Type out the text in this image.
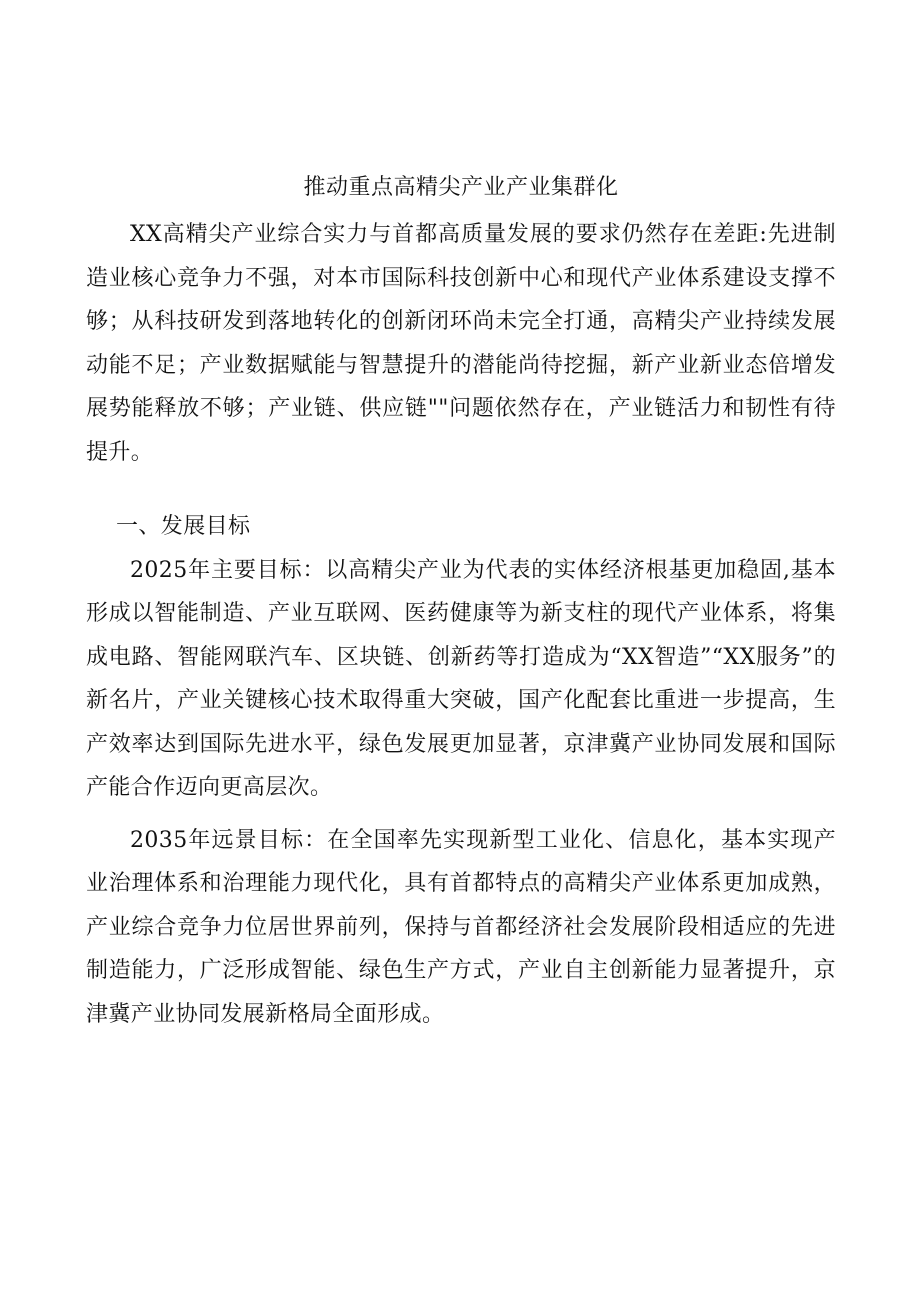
推动重点高精尖产业产业集群化

XX高精尖产业综合实力与首都高质量发展的要求仍然存在差距:先进制造业核心竞争力不强，对本市国际科技创新中心和现代产业体系建设支撑不够；从科技研发到落地转化的创新闭环尚未完全打通，高精尖产业持续发展动能不足；产业数据赋能与智慧提升的潜能尚待挖掘，新产业新业态倍增发展势能释放不够；产业链、供应链""问题依然存在，产业链活力和韧性有待提升。

一、发展目标

2025年主要目标：以高精尖产业为代表的实体经济根基更加稳固,基本形成以智能制造、产业互联网、医药健康等为新支柱的现代产业体系，将集成电路、智能网联汽车、区块链、创新药等打造成为“XX智造”“XX服务”的新名片，产业关键核心技术取得重大突破，国产化配套比重进一步提高，生产效率达到国际先进水平，绿色发展更加显著，京津冀产业协同发展和国际产能合作迈向更高层次。

2035年远景目标：在全国率先实现新型工业化、信息化，基本实现产业治理体系和治理能力现代化，具有首都特点的高精尖产业体系更加成熟，产业综合竞争力位居世界前列，保持与首都经济社会发展阶段相适应的先进制造能力，广泛形成智能、绿色生产方式，产业自主创新能力显著提升，京津冀产业协同发展新格局全面形成。
